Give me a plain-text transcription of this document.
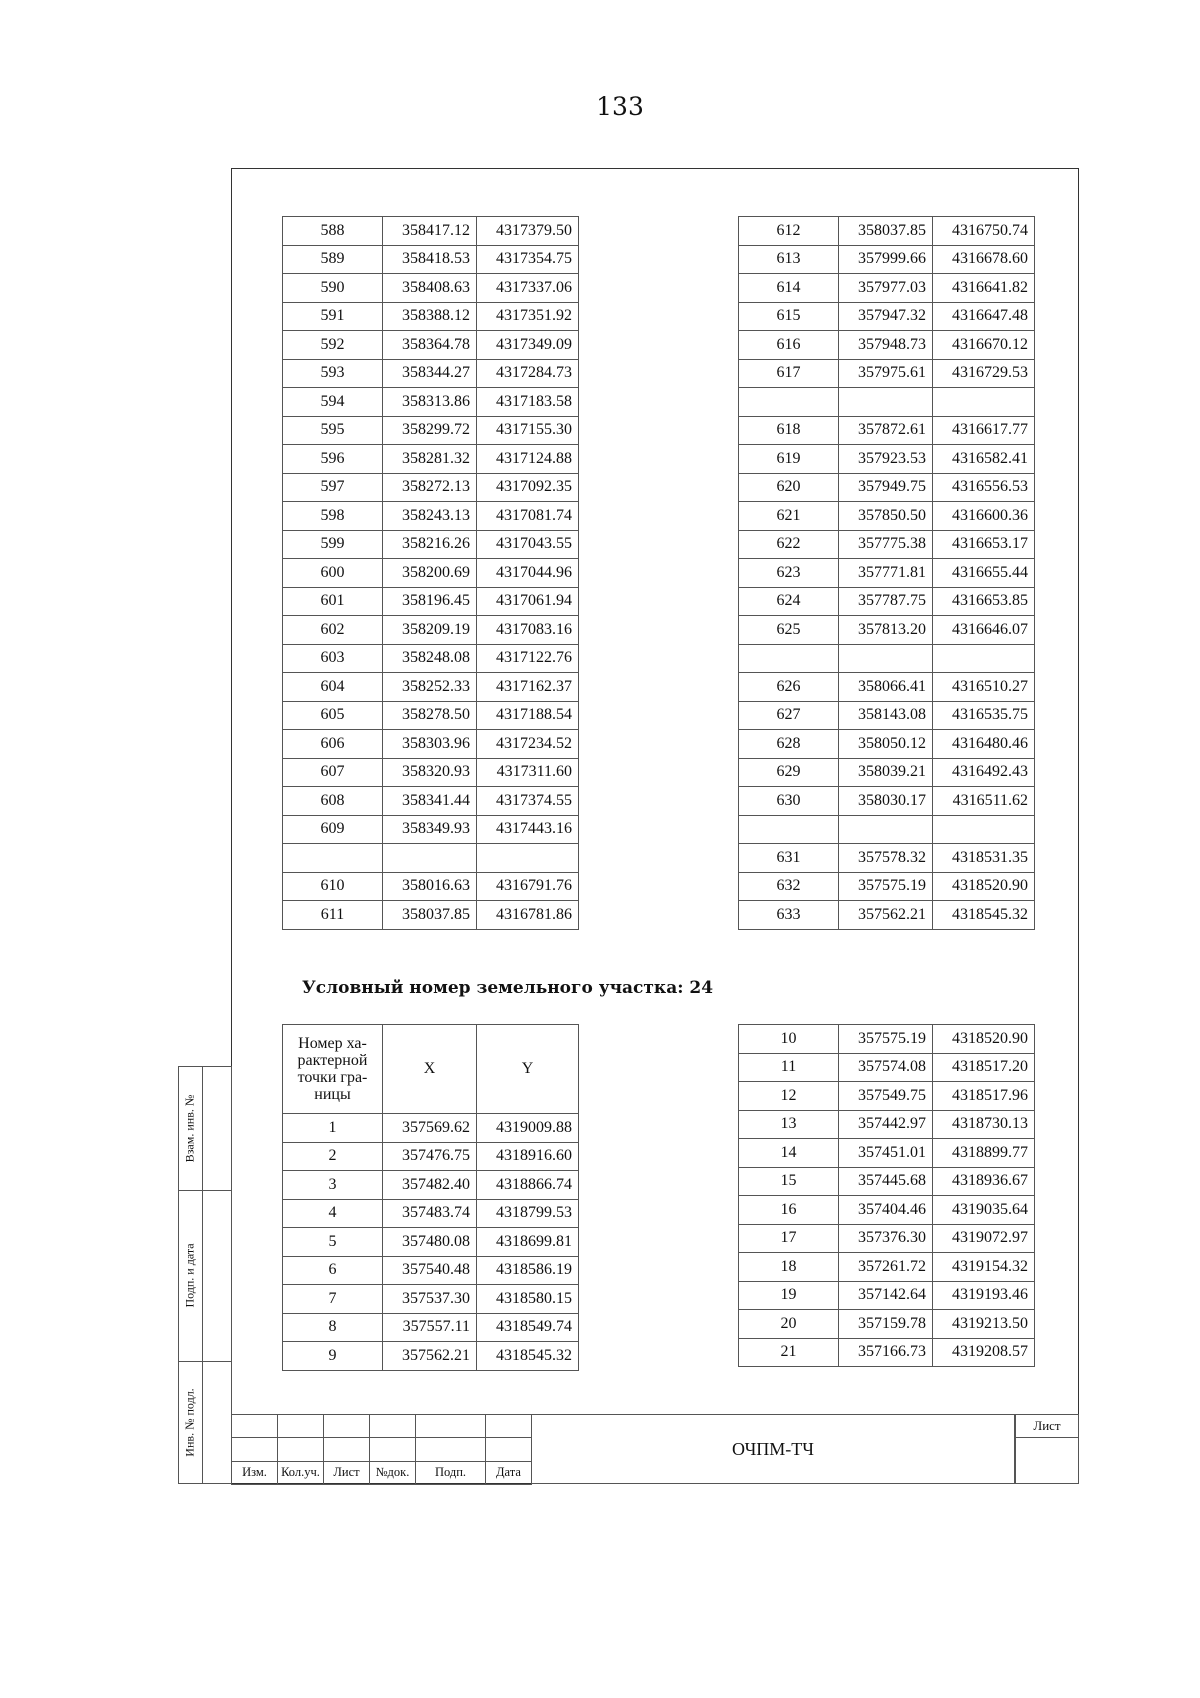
133
588	358417.12	4317379.50
589	358418.53	4317354.75
590	358408.63	4317337.06
591	358388.12	4317351.92
592	358364.78	4317349.09
593	358344.27	4317284.73
594	358313.86	4317183.58
595	358299.72	4317155.30
596	358281.32	4317124.88
597	358272.13	4317092.35
598	358243.13	4317081.74
599	358216.26	4317043.55
600	358200.69	4317044.96
601	358196.45	4317061.94
602	358209.19	4317083.16
603	358248.08	4317122.76
604	358252.33	4317162.37
605	358278.50	4317188.54
606	358303.96	4317234.52
607	358320.93	4317311.60
608	358341.44	4317374.55
609	358349.93	4317443.16

610	358016.63	4316791.76
611	358037.85	4316781.86
612	358037.85	4316750.74
613	357999.66	4316678.60
614	357977.03	4316641.82
615	357947.32	4316647.48
616	357948.73	4316670.12
617	357975.61	4316729.53

618	357872.61	4316617.77
619	357923.53	4316582.41
620	357949.75	4316556.53
621	357850.50	4316600.36
622	357775.38	4316653.17
623	357771.81	4316655.44
624	357787.75	4316653.85
625	357813.20	4316646.07

626	358066.41	4316510.27
627	358143.08	4316535.75
628	358050.12	4316480.46
629	358039.21	4316492.43
630	358030.17	4316511.62

631	357578.32	4318531.35
632	357575.19	4318520.90
633	357562.21	4318545.32
Условный номер земельного участка: 24
Номер ха-
рактерной
точки гра-
ницы	X	Y
1	357569.62	4319009.88
2	357476.75	4318916.60
3	357482.40	4318866.74
4	357483.74	4318799.53
5	357480.08	4318699.81
6	357540.48	4318586.19
7	357537.30	4318580.15
8	357557.11	4318549.74
9	357562.21	4318545.32
10	357575.19	4318520.90
11	357574.08	4318517.20
12	357549.75	4318517.96
13	357442.97	4318730.13
14	357451.01	4318899.77
15	357445.68	4318936.67
16	357404.46	4319035.64
17	357376.30	4319072.97
18	357261.72	4319154.32
19	357142.64	4319193.46
20	357159.78	4319213.50
21	357166.73	4319208.57
Взам. инв. №
Подп. и дата
Инв. № подл.

Изм.	Кол.уч.	Лист	№док.	Подп.	Дата
ОЧПМ-ТЧ
Лист
